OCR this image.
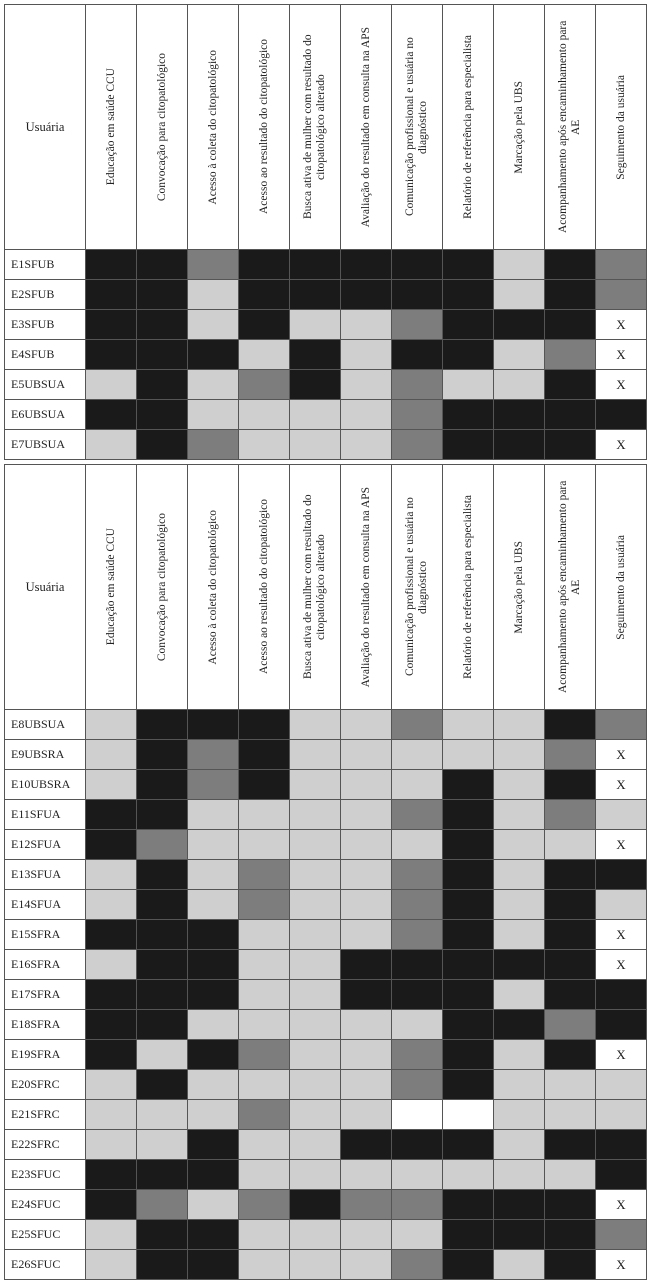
Usuária	Educação em saúde CCU	Convocação para citopatológico	Acesso à coleta do citopatológico	Acesso ao resultado do citopatológico	Busca ativa de mulher com resultado do citopatológico alterado	Avaliação do resultado em consulta na APS	Comunicação profissional e usuária no diagnóstico	Relatório de referência para especialista	Marcação pela UBS	Acompanhamento após encaminhamento para AE	Seguimento da usuária

E1SFUB											
E2SFUB											
E3SFUB											X
E4SFUB											X
E5UBSUA											X
E6UBSUA											
E7UBSUA											X
Usuária	Educação em saúde CCU	Convocação para citopatológico	Acesso à coleta do citopatológico	Acesso ao resultado do citopatológico	Busca ativa de mulher com resultado do citopatológico alterado	Avaliação do resultado em consulta na APS	Comunicação profissional e usuária no diagnóstico	Relatório de referência para especialista	Marcação pela UBS	Acompanhamento após encaminhamento para AE	Seguimento da usuária

E8UBSUA											
E9UBSRA											X
E10UBSRA											X
E11SFUA											
E12SFUA											X
E13SFUA											
E14SFUA											
E15SFRA											X
E16SFRA											X
E17SFRA											
E18SFRA											
E19SFRA											X
E20SFRC											
E21SFRC											
E22SFRC											
E23SFUC											
E24SFUC											X
E25SFUC											
E26SFUC											X
